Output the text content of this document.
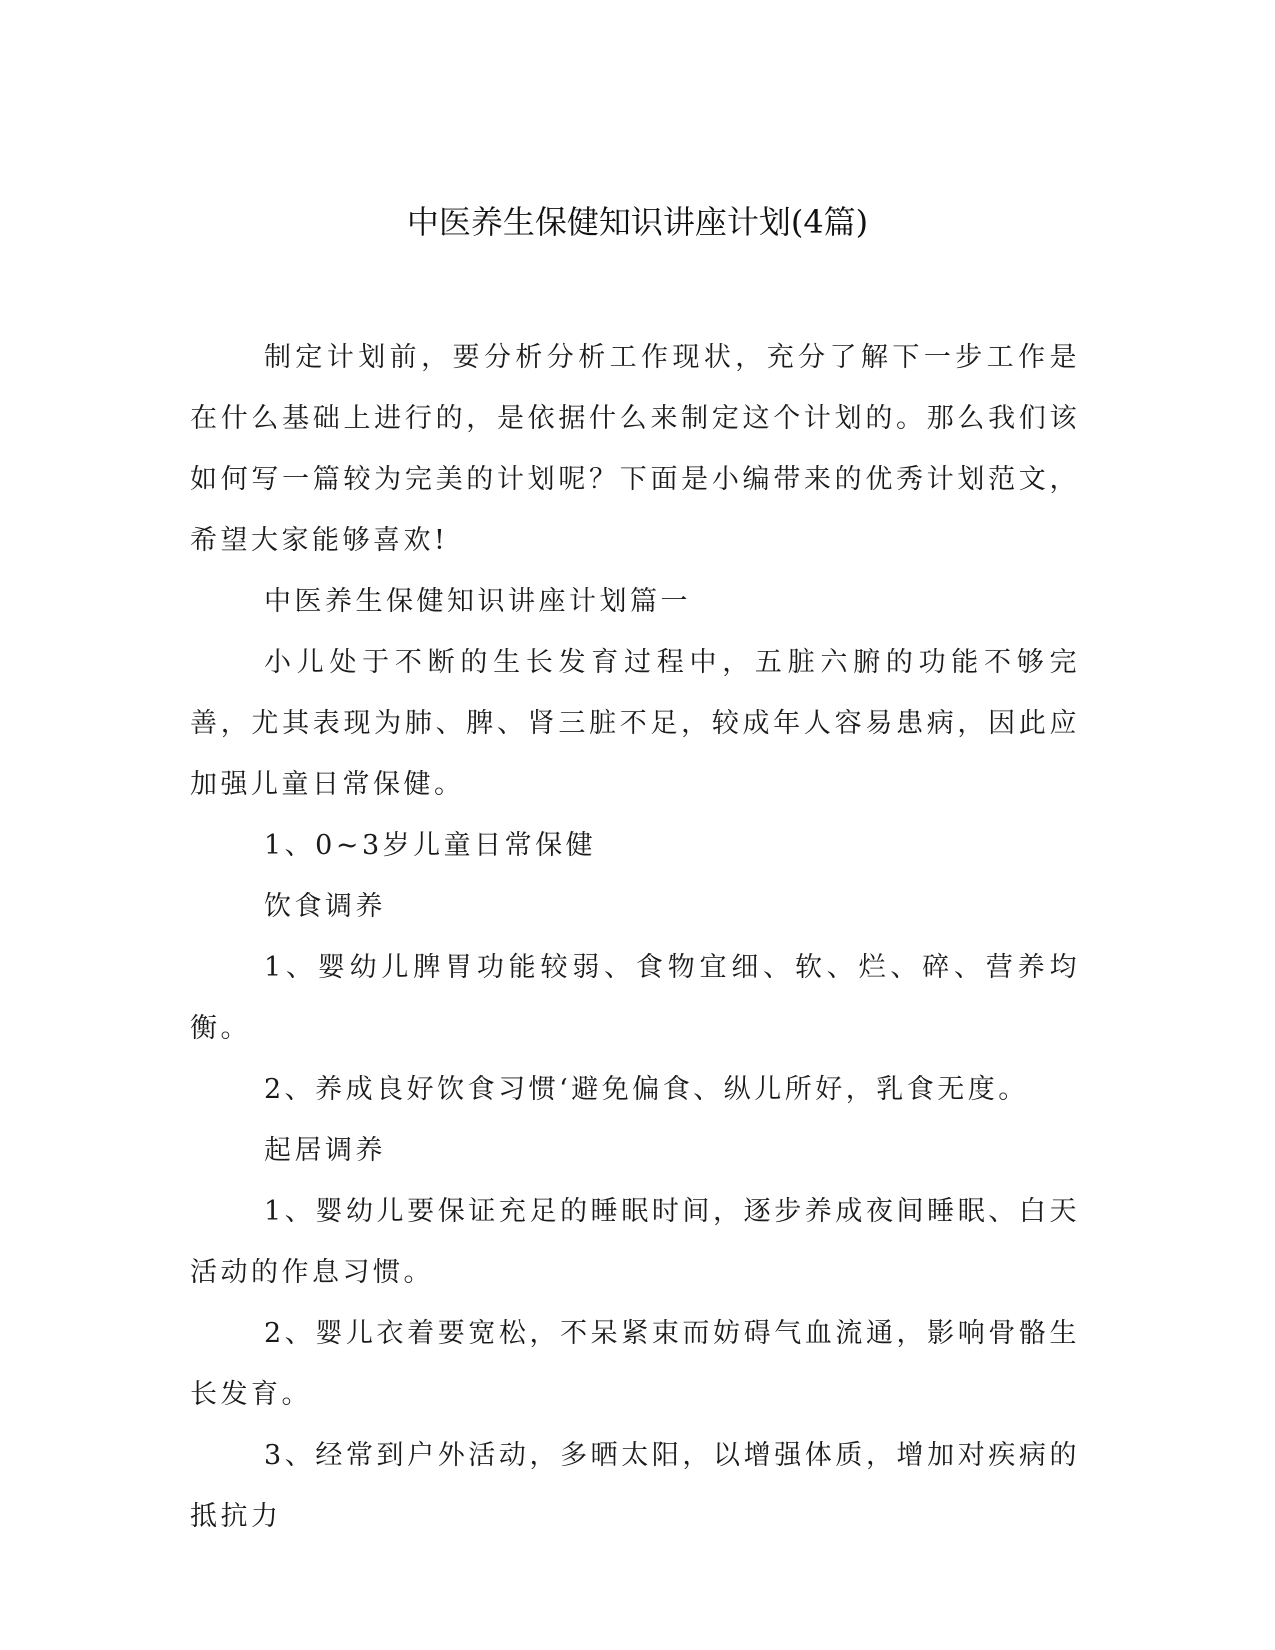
中医养生保健知识讲座计划(4篇)

制定计划前，要分析分析工作现状，充分了解下一步工作是在什么基础上进行的，是依据什么来制定这个计划的。那么我们该如何写一篇较为完美的计划呢？下面是小编带来的优秀计划范文，希望大家能够喜欢!

中医养生保健知识讲座计划篇一

小儿处于不断的生长发育过程中，五脏六腑的功能不够完善，尤其表现为肺、脾、肾三脏不足，较成年人容易患病，因此应加强儿童日常保健。

1、0~3岁儿童日常保健

饮食调养

1、婴幼儿脾胃功能较弱、食物宜细、软、烂、碎、营养均衡。

2、养成良好饮食习惯‘避免偏食、纵儿所好，乳食无度。

起居调养

1、婴幼儿要保证充足的睡眠时间，逐步养成夜间睡眠、白天活动的作息习惯。

2、婴儿衣着要宽松，不呆紧束而妨碍气血流通，影响骨骼生长发育。

3、经常到户外活动，多晒太阳，以增强体质，增加对疾病的抵抗力
